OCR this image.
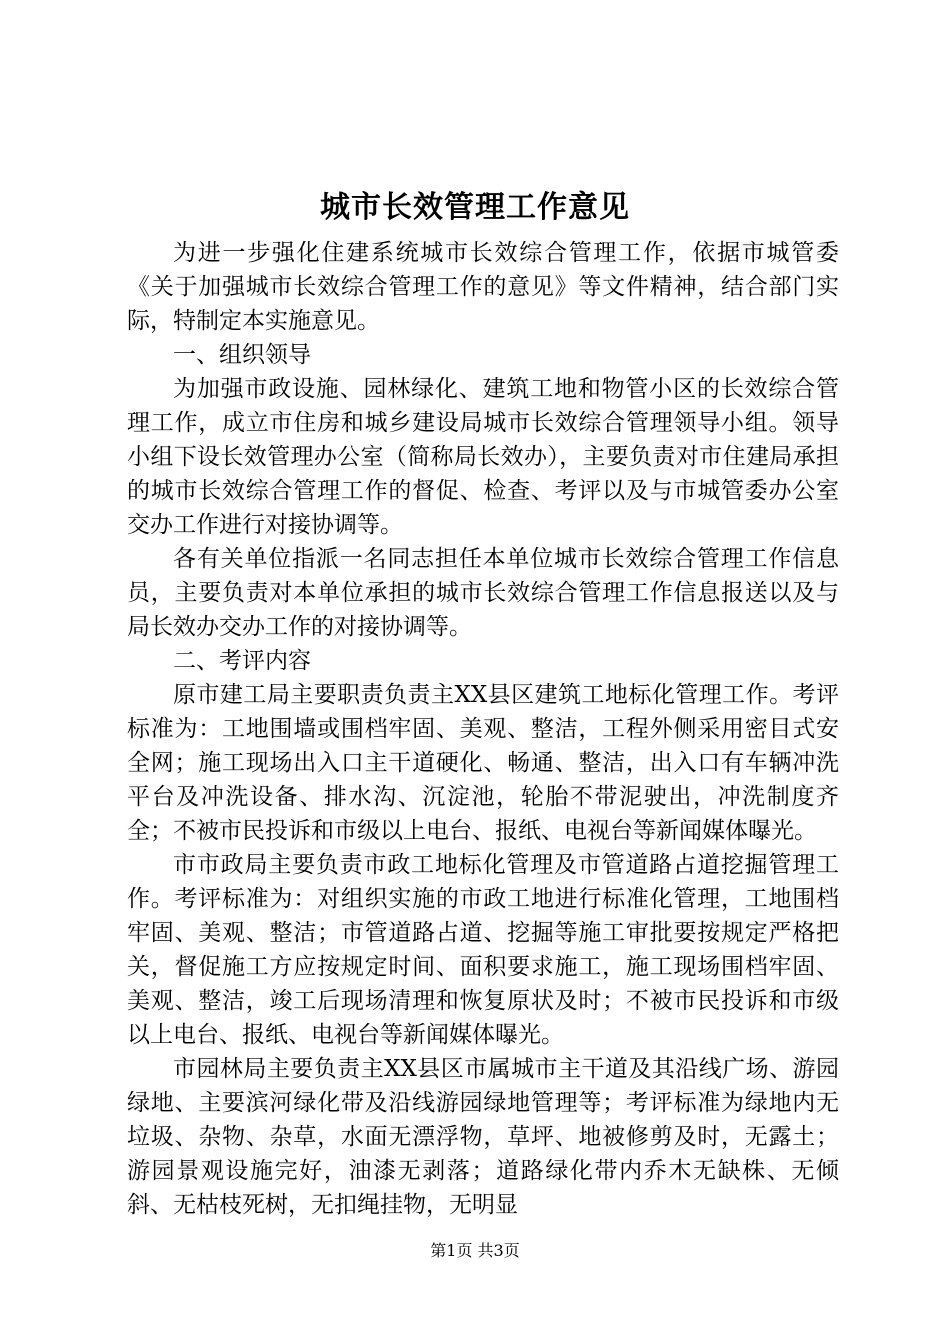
城市长效管理工作意见

为进一步强化住建系统城市长效综合管理工作，依据市城管委《关于加强城市长效综合管理工作的意见》等文件精神，结合部门实际，特制定本实施意见。

一、组织领导

为加强市政设施、园林绿化、建筑工地和物管小区的长效综合管理工作，成立市住房和城乡建设局城市长效综合管理领导小组。领导小组下设长效管理办公室（简称局长效办），主要负责对市住建局承担的城市长效综合管理工作的督促、检查、考评以及与市城管委办公室交办工作进行对接协调等。

各有关单位指派一名同志担任本单位城市长效综合管理工作信息员，主要负责对本单位承担的城市长效综合管理工作信息报送以及与局长效办交办工作的对接协调等。

二、考评内容

原市建工局主要职责负责主XX县区建筑工地标化管理工作。考评标准为：工地围墙或围档牢固、美观、整洁，工程外侧采用密目式安全网；施工现场出入口主干道硬化、畅通、整洁，出入口有车辆冲洗平台及冲洗设备、排水沟、沉淀池，轮胎不带泥驶出，冲洗制度齐全；不被市民投诉和市级以上电台、报纸、电视台等新闻媒体曝光。

市市政局主要负责市政工地标化管理及市管道路占道挖掘管理工作。考评标准为：对组织实施的市政工地进行标准化管理，工地围档牢固、美观、整洁；市管道路占道、挖掘等施工审批要按规定严格把关，督促施工方应按规定时间、面积要求施工，施工现场围档牢固、美观、整洁，竣工后现场清理和恢复原状及时；不被市民投诉和市级以上电台、报纸、电视台等新闻媒体曝光。

市园林局主要负责主XX县区市属城市主干道及其沿线广场、游园绿地、主要滨河绿化带及沿线游园绿地管理等；考评标准为绿地内无垃圾、杂物、杂草，水面无漂浮物，草坪、地被修剪及时，无露土；游园景观设施完好，油漆无剥落；道路绿化带内乔木无缺株、无倾斜、无枯枝死树，无扣绳挂物，无明显

第1页 共3页
